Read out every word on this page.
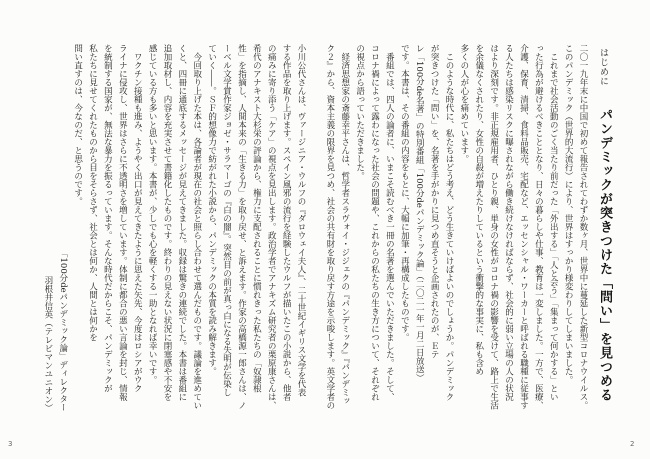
小川公代さんは、ヴァージニア・ウルフの『ダロウェイ夫人』、二十世紀イギリス文学を代表
する作品を取り上げます。スペイン風邪の流行を経験したウルフが描いたこの小説から、他者
の痛みに寄り添う「ケア」の視点を見出します。政治学者でアナキズム研究者の栗原康さんは、
希代のアナキスト大杉栄の評論から、権力に支配されることに慣れきった私たちの「奴隷根
性」を指摘し、人間本来の「生きる力」を取り戻せ、と訴えます。作家の高橋源一郎さんは、ノ
ーベル文学賞作家ジョゼ・サラマーゴの『白の闇』。突然目の前が真っ白になる失明が伝染し
ていく――。ＳＦ的想像力で紡がれた小説から、パンデミックの本質を読み解きます。
　今回取り上げた本は、各論者が現在の社会と照らし合わせて選んだものです。議論を進めてい
くと、四冊に通底するメッセージが見えてきました。収録は驚きの連続でした。本書は番組に
追加取材し、内容を充実させて書籍化したものです。終わりの見えない状況に閉塞感や不安を
感じている方も多いと思います。本書が、少しでも心を軽くする一助となれば幸いです。
　ワクチン接種も進み、ようやく出口が見えてきたように思えた矢先、今度はロシアがウク
ライナに侵攻し、世界はさらに不透明さを増しています。体制に都合の悪い言論を封じ、情報
を統制する国家が、無法な暴力を振るっています。そんな時代だからこそ、パンデミックが
私たちに見せてくれたものから目をそらさず、社会とは何か、人間とは何かを
問い直すのは、今なのだ、と思うのです。
「100分deパンデミック論」ディレクター
羽根井信英（テレビマンユニオン）
3
はじめに
パンデミックが突きつけた「問い」を見つめる
二〇一九年末に中国で初めて報告されてわずか数ヶ月、世界中に蔓延した新型コロナウイルス。
このパンデミック（世界的大流行）により、世界はすっかり様変わりしてしまいました。
　これまで社会活動のごく当たり前だった「外出する」「人と会う」「集まって何かする」とい
った行為が避けるべきこととなり、日々の暮らしや仕事、教育は一変しました。一方で、医療、
介護、保育、清掃、食料品販売、宅配など、エッセンシャル・ワーカーと呼ばれる職種に従事す
る人たちは感染リスクに曝されながら働き続けなければならず、社会的に弱い立場の人の状況
はより深刻です。非正規雇用者、ひとり親、単身の女性がコロナ禍の影響を受けて、路上で生活
を余儀なくされたり、女性の自殺が増えたりしているという衝撃的な事実に、私も含め
多くの人が心を痛めています。
　このような時代に、私たちはどう考え、どう生きていけばよいのでしょうか。パンデミック
が突きつけた「問い」を、名著を手がかりに見つめ直そうと企画されたのが、Ｅテ
レ「100分de名著」の特別番組「100分deパンデミック論」（二〇二一年一月二日放送）
です。本書は、その番組の内容をもとに、大幅に加筆・再構成したものです。
　番組では、四人の論者に、いまこそ読むべき一冊の名著を選んでいただきました。そして、
コロナ禍によって露わになった社会の問題や、これからの私たちの生き方について、それぞれ
の視点から語っていただきました。
　経済思想家の斎藤幸平さんは、哲学者スラヴォイ・ジジェクの『パンデミック』『パンデミッ
ク２』から、資本主義の限界を見つめ、社会の共有財を取り戻す方途を示唆します。英文学者の
2
